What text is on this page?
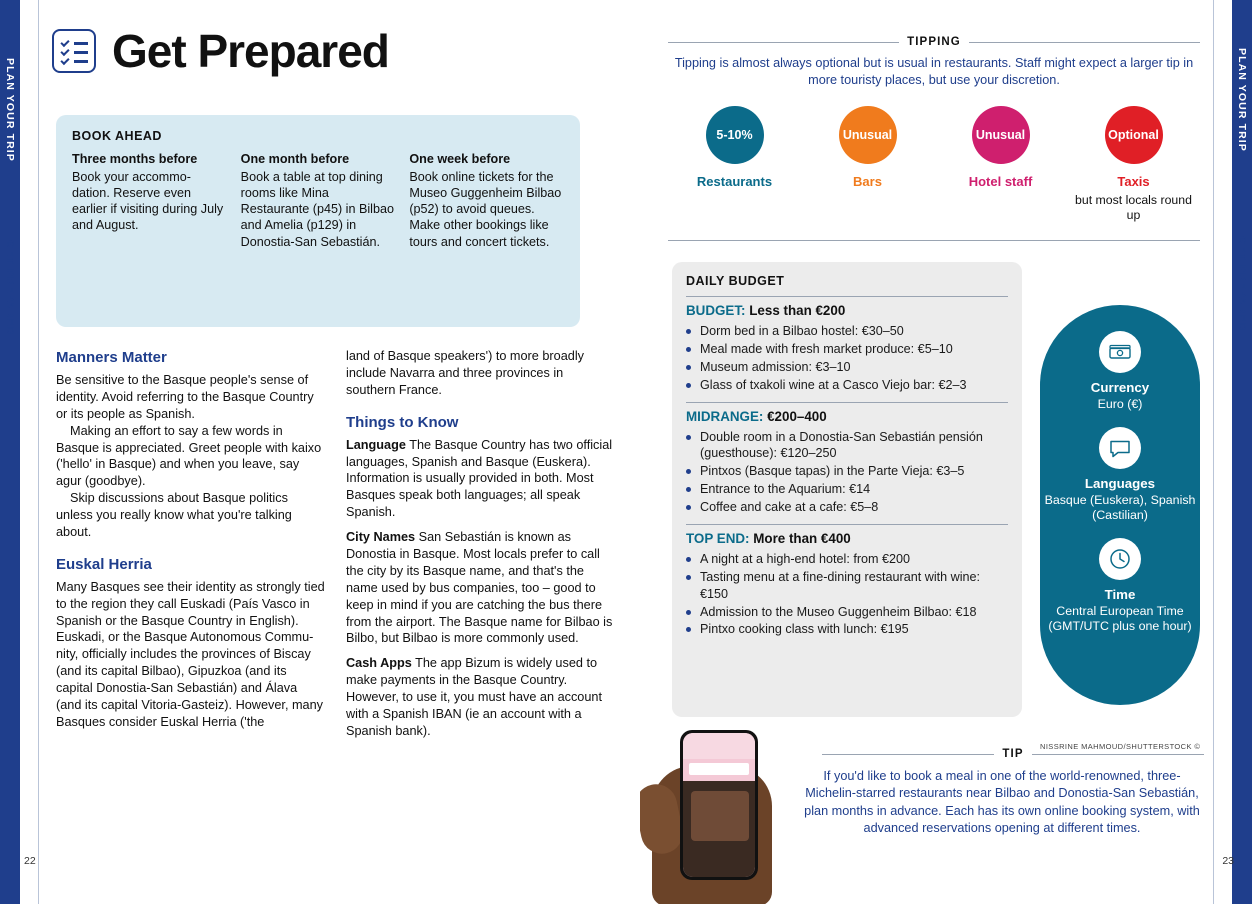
PLAN YOUR TRIP
GET PREPARED
PLAN YOUR TRIP
GET PREPARED
Get Prepared
BOOK AHEAD
Three months before
Book your accommo-dation. Reserve even earlier if visiting during July and August.
One month before
Book a table at top dining rooms like Mina Restaurante (p45) in Bilbao and Amelia (p129) in Donostia-San Sebastián.
One week before
Book online tickets for the Museo Guggenheim Bilbao (p52) to avoid queues. Make other bookings like tours and concert tickets.
Manners Matter

Be sensitive to the Basque people's sense of identity. Avoid referring to the Basque Country or its people as Spanish.

Making an effort to say a few words in Basque is appreciated. Greet people with kaixo ('hello' in Basque) and when you leave, say agur (goodbye).

Skip discussions about Basque politics unless you really know what you're talking about.

Euskal Herria

Many Basques see their identity as strongly tied to the region they call Euskadi (País Vasco in Spanish or the Basque Country in English). Euskadi, or the Basque Autonomous Commu-nity, officially includes the provinces of Biscay (and its capital Bilbao), Gipuzkoa (and its capital Donostia-San Sebastián) and Álava (and its capital Vitoria-Gasteiz). However, many Basques consider Euskal Herria ('the

land of Basque speakers') to more broadly include Navarra and three provinces in southern France.

Things to Know

Language The Basque Country has two official languages, Spanish and Basque (Euskera). Information is usually provided in both. Most Basques speak both languages; all speak Spanish.

City Names San Sebastián is known as Donostia in Basque. Most locals prefer to call the city by its Basque name, and that's the name used by bus companies, too – good to keep in mind if you are catching the bus there from the airport. The Basque name for Bilbao is Bilbo, but Bilbao is more commonly used.

Cash Apps The app Bizum is widely used to make payments in the Basque Country. However, to use it, you must have an account with a Spanish IBAN (ie an account with a Spanish bank).

22
TIPPING
Tipping is almost always optional but is usual in restaurants. Staff might expect a larger tip in more touristy places, but use your discretion.
5-10%
Restaurants
Unusual
Bars
Unusual
Hotel staff
Optional
Taxis
but most locals round up
DAILY BUDGET
BUDGET: Less than €200
Dorm bed in a Bilbao hostel: €30–50
Meal made with fresh market produce: €5–10
Museum admission: €3–10
Glass of txakoli wine at a Casco Viejo bar: €2–3
MIDRANGE: €200–400
Double room in a Donostia-San Sebastián pensión (guesthouse): €120–250
Pintxos (Basque tapas) in the Parte Vieja: €3–5
Entrance to the Aquarium: €14
Coffee and cake at a cafe: €5–8
TOP END: More than €400
A night at a high-end hotel: from €200
Tasting menu at a fine-dining restaurant with wine: €150
Admission to the Museo Guggenheim Bilbao: €18
Pintxo cooking class with lunch: €195
Currency
Euro (€)
Languages
Basque (Euskera), Spanish (Castilian)
Time
Central European Time (GMT/UTC plus one hour)
23
NISSRINE MAHMOUD/SHUTTERSTOCK ©
TIP
If you'd like to book a meal in one of the world-renowned, three-Michelin-starred restaurants near Bilbao and Donostia-San Sebastián, plan months in advance. Each has its own online booking system, with advanced reservations opening at different times.
